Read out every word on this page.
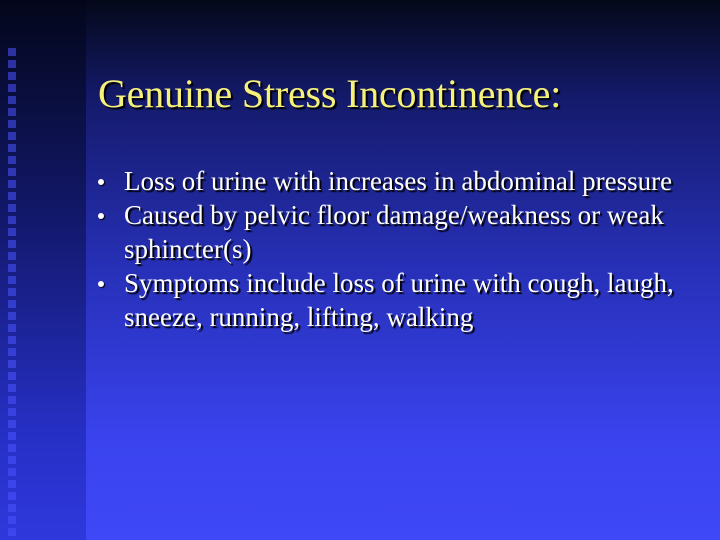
Genuine Stress Incontinence:
Loss of urine with increases in abdominal pressure
Caused by pelvic floor damage/weakness or weak sphincter(s)
Symptoms include loss of urine with cough, laugh, sneeze, running, lifting, walking
